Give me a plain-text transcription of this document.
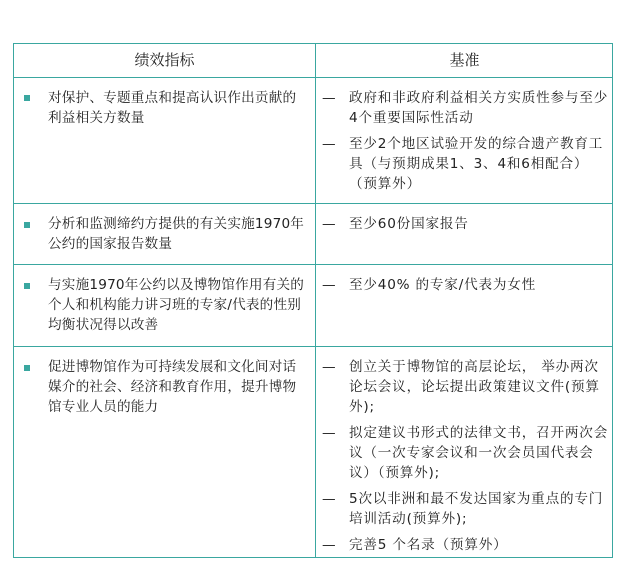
绩效指标	基准
对保护、专题重点和提高认识作出贡献的利益相关方数量
— 政府和非政府利益相关方实质性参与至少4个重要国际性活动
— 至少2个地区试验开发的综合遗产教育工具（与预期成果1、3、4和6相配合）（预算外）
分析和监测缔约方提供的有关实施1970年公约的国家报告数量
— 至少60份国家报告
与实施1970年公约以及博物馆作用有关的个人和机构能力讲习班的专家/代表的性别均衡状况得以改善
— 至少40% 的专家/代表为女性
促进博物馆作为可持续发展和文化间对话媒介的社会、经济和教育作用，提升博物馆专业人员的能力
— 创立关于博物馆的高层论坛， 举办两次论坛会议，论坛提出政策建议文件(预算外);
— 拟定建议书形式的法律文书，召开两次会议（一次专家会议和一次会员国代表会议）（预算外);
— 5次以非洲和最不发达国家为重点的专门培训活动(预算外);
— 完善5 个名录（预算外）
